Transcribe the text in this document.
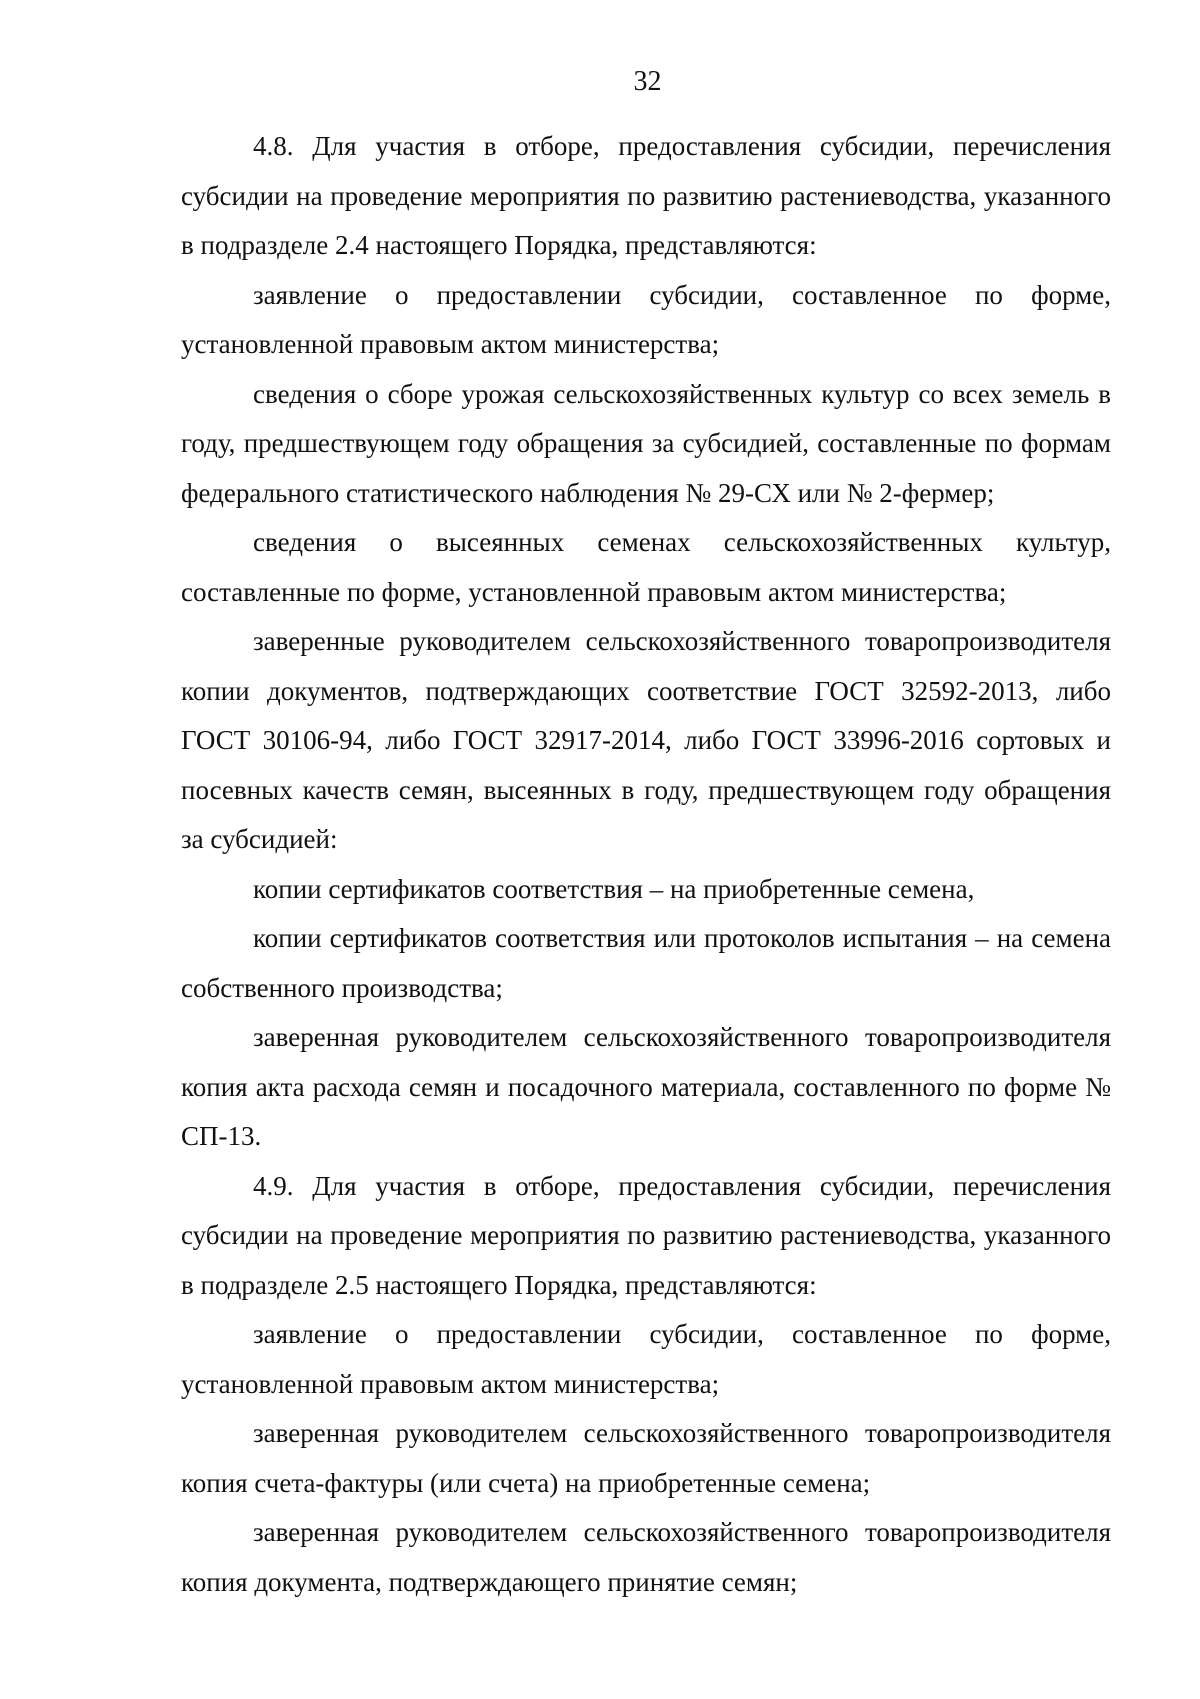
32

4.8. Для участия в отборе, предоставления субсидии, перечисления субсидии на проведение мероприятия по развитию растениеводства, указанного в подразделе 2.4 настоящего Порядка, представляются:

заявление о предоставлении субсидии, составленное по форме, установленной правовым актом министерства;

сведения о сборе урожая сельскохозяйственных культур со всех земель в году, предшествующем году обращения за субсидией, составленные по формам федерального статистического наблюдения № 29-СХ или № 2-фермер;

сведения о высеянных семенах сельскохозяйственных культур, составленные по форме, установленной правовым актом министерства;

заверенные руководителем сельскохозяйственного товаропроизводителя копии документов, подтверждающих соответствие ГОСТ 32592-2013, либо ГОСТ 30106-94, либо ГОСТ 32917-2014, либо ГОСТ 33996-2016 сортовых и посевных качеств семян, высеянных в году, предшествующем году обращения за субсидией:

копии сертификатов соответствия – на приобретенные семена,

копии сертификатов соответствия или протоколов испытания – на семена собственного производства;

заверенная руководителем сельскохозяйственного товаропроизводителя копия акта расхода семян и посадочного материала, составленного по форме № СП-13.

4.9. Для участия в отборе, предоставления субсидии, перечисления субсидии на проведение мероприятия по развитию растениеводства, указанного в подразделе 2.5 настоящего Порядка, представляются:

заявление о предоставлении субсидии, составленное по форме, установленной правовым актом министерства;

заверенная руководителем сельскохозяйственного товаропроизводителя копия счета-фактуры (или счета) на приобретенные семена;

заверенная руководителем сельскохозяйственного товаропроизводителя копия документа, подтверждающего принятие семян;
